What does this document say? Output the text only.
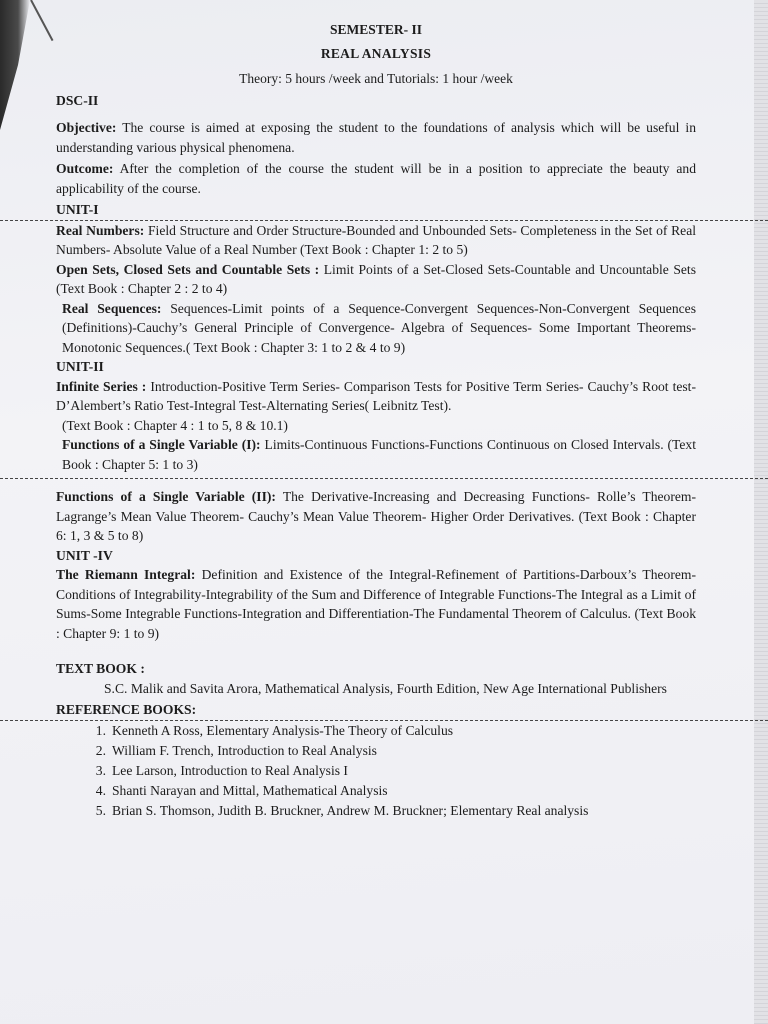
SEMESTER- II
REAL ANALYSIS
Theory: 5 hours /week and Tutorials: 1 hour /week
DSC-II
Objective: The course is aimed at exposing the student to the foundations of analysis which will be useful in understanding various physical phenomena.
Outcome: After the completion of the course the student will be in a position to appreciate the beauty and applicability of the course.
UNIT-I
Real Numbers: Field Structure and Order Structure-Bounded and Unbounded Sets- Completeness in the Set of Real Numbers- Absolute Value of a Real Number (Text Book : Chapter 1: 2 to 5)
Open Sets, Closed Sets and Countable Sets : Limit Points of a Set-Closed Sets-Countable and Uncountable Sets (Text Book : Chapter 2 : 2 to 4)
Real Sequences: Sequences-Limit points of a Sequence-Convergent Sequences-Non-Convergent Sequences (Definitions)-Cauchy’s General Principle of Convergence- Algebra of Sequences- Some Important Theorems-Monotonic Sequences.( Text Book : Chapter 3: 1 to 2 & 4 to 9)
UNIT-II
Infinite Series : Introduction-Positive Term Series- Comparison Tests for Positive Term Series- Cauchy’s Root test- D’Alembert’s Ratio Test-Integral Test-Alternating Series( Leibnitz Test).
(Text Book : Chapter 4 : 1 to 5, 8 & 10.1)
Functions of a Single Variable (I): Limits-Continuous Functions-Functions Continuous on Closed Intervals. (Text Book : Chapter 5: 1 to 3)
Functions of a Single Variable (II): The Derivative-Increasing and Decreasing Functions- Rolle’s Theorem-Lagrange’s Mean Value Theorem- Cauchy’s Mean Value Theorem- Higher Order Derivatives. (Text Book : Chapter 6: 1, 3 & 5 to 8)
UNIT -IV
The Riemann Integral: Definition and Existence of the Integral-Refinement of Partitions-Darboux’s Theorem-Conditions of Integrability-Integrability of the Sum and Difference of Integrable Functions-The Integral as a Limit of Sums-Some Integrable Functions-Integration and Differentiation-The Fundamental Theorem of Calculus. (Text Book : Chapter 9: 1 to 9)
TEXT BOOK :
S.C. Malik and Savita Arora, Mathematical Analysis, Fourth Edition, New Age International Publishers
REFERENCE BOOKS:
1. Kenneth A Ross, Elementary Analysis-The Theory of Calculus
2. William F. Trench, Introduction to Real Analysis
3. Lee Larson, Introduction to Real Analysis I
4. Shanti Narayan and Mittal, Mathematical Analysis
5. Brian S. Thomson, Judith B. Bruckner, Andrew M. Bruckner; Elementary Real analysis
